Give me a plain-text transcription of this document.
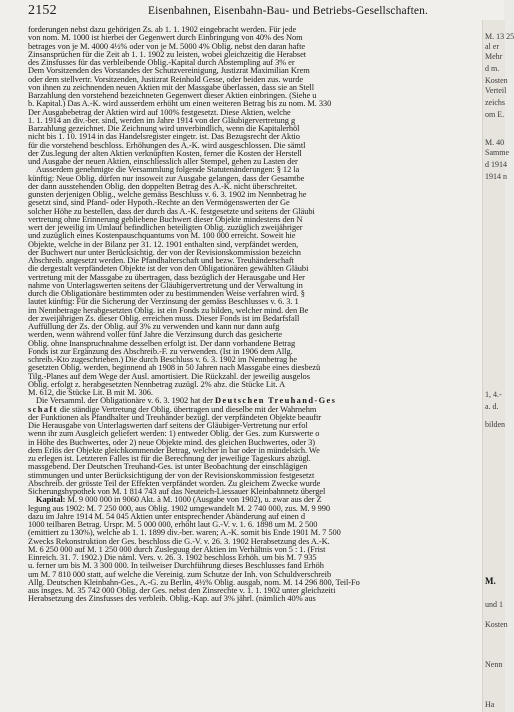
2152	Eisenbahnen, Eisenbahn-Bau- und Betriebs-Gesellschaften.
forderungen nebst dazu gehörigen Zs. ab 1. 1. 1902 eingebracht werden. Für jede
von nom. M. 1000 ist hierbei der Gegenwert durch Einbringung von 40% des Nom
betrages von je M. 4000 4½% oder von je M. 5000 4% Oblig. nebst den daran hafte
Zinsansprüchen für die Zeit ab 1. 1. 1902 zu leisten, wobei gleichzeitig die Herabset
des Zinsfusses für das verbleibende Oblig.-Kapital durch Abstempling auf 3% er
Dem Vorsitzenden des Vorstandes der Schutzvereinigung, Justizrat Maximilian Krem
oder dem stellvertr. Vorsitzenden, Justizrat Reinhold Gesse, oder beiden zus. wurde
von ihnen zu zeichnenden neuen Aktien mit der Massgabe überlassen, dass sie an Stell
Barzahlung den vorstehend bezeichneten Gegenwert dieser Aktien einbringen. (Siehe u
b. Kapital.) Das A.-K. wird ausserdem erhöht um einen weiteren Betrag bis zu nom. M. 330
Der Ausgabebetrag der Aktien wird auf 100% festgesetzt. Diese Aktien, welche
1. 1. 1914 an div.-ber. sind, werden im Jahre 1914 von der Gläubigervertretung g
Barzahlung gezeichnet. Die Zeichnung wird unverbindlich, wenn die Kapitalerhöl
nicht bis 1. 10. 1914 in das Handelsregister eingetr. ist. Das Bezugsrecht der Aktio
für die vorstehend beschloss. Erhöhungen des A.-K. wird ausgeschlossen. Die sämtl
der Zus.legung der alten Aktien verknüpften Kosten, ferner die Kosten der Herstell
und Ausgabe der neuen Aktien, einschliesslich aller Stempel, gehen zu Lasten der
Ausserdem genehmigte die Versammlung folgende Statutenänderungen: § 12 la
künftig: Neue Oblig. dürfen nur insoweit zur Ausgabe gelangen, dass der Gesamtbe
der dann ausstehenden Oblig. den doppelten Betrag des A.-K. nicht überschreitet.
gunsten derjenigen Oblig., welche gemäss Beschluss v. 6. 3. 1902 im Nennbetrag he
gesetzt sind, sind Pfand- oder Hypoth.-Rechte an den Vermögenswerten der Ge
solcher Höhe zu bestellen, dass der durch das A.-K. festgesetzte und seitens der Gläubi
vertretung ohne Erinnerung gebliebene Buchwert dieser Objekte mindestens den N
wert der jeweilig im Umlauf befindlichen beteiligten Oblig. zuzüglich zweijähriger
und zuzüglich eines Kostenpauschquantums von M. 100 000 erreicht. Soweit hie
Objekte, welche in der Bilanz per 31. 12. 1901 enthalten sind, verpfändet werden,
der Buchwert nur unter Berücksichtig. der von der Revisionskommission bezeichn
Abschreib. angesetzt werden. Die Pfandhalterschaft und bezw. Treuhänderschaft
die dergestalt verpfändeten Objekte ist der von den Obligationären gewählten Gläubi
vertretung mit der Massgabe zu übertragen, dass bezüglich der Herausgabe und Her
nahme von Unterlagswerten seitens der Gläubigervertretung und der Verwaltung in
durch die Obligationäre bestimmten oder zu bestimmenden Weise verfahren wird. §
lautet künftig: Für die Sicherung der Verzinsung der gemäss Beschlusses v. 6. 3. 1
im Nennbetrage herabgesetzten Oblig. ist ein Fonds zu bilden, welcher mind. den Be
der zweijährigen Zs. dieser Oblig. erreichen muss. Dieser Fonds ist im Bedarfsfall
Auffüllung der Zs. der Oblig. auf 3% zu verwenden und kann nur dann aufg
werden, wenn während voller fünf Jahre die Verzinsung durch das gesicherte
Oblig. ohne Inanspruchnahme desselben erfolgt ist. Der dann vorhandene Betrag
Fonds ist zur Ergänzung des Abschreib.-F. zu verwenden. (Ist in 1906 dem Allg.
schreib.-Kto zugeschrieben.) Die durch Beschluss v. 6. 3. 1902 im Nennbetrag he
gesetzten Oblig. werden, beginnend ab 1908 in 50 Jahren nach Massgabe eines diesbezü
Tilg.-Planes auf dem Wege der Ausl. amortisiert. Die Rückzahl. der jeweilig ausgelos
Oblig. erfolgt z. herabgesetzten Nennbetrag zuzügl. 2% abz. die Stücke Lit. A
M. 612, die Stücke Lit. B mit M. 306.
Die Versamml. der Obligationäre v. 6. 3. 1902 hat der Deutschen Treuhand-Ges
schaft die ständige Vertretung der Oblig. übertragen und dieselbe mit der Wahrnehm
der Funktionen als Pfandhalter und Treuhänder bezügl. der verpfändeten Objekte beauftr
Die Herausgabe von Unterlagswerten darf seitens der Gläubiger-Vertretung nur erfol
wenn ihr zum Ausgleich geliefert werden: 1) entweder Oblig. der Ges. zum Kurswerte o
in Höhe des Buchwertes, oder 2) neue Objekte mind. des gleichen Buchwertes, oder 3)
dem Erlös der Objekte gleichkommender Betrag, welcher in bar oder in mündelsich. We
zu erlegen ist. Letzteren Falles ist für die Berechnung der jeweilige Tageskurs abzügl.
massgebend. Der Deutschen Treuhand-Ges. ist unter Beobachtung der einschlägigen
stimmungen und unter Berücksichtigung der von der Revisionskommission festgesetzt
Abschreib. der grösste Teil der Effekten verpfändet worden. Zu gleichem Zwecke wurde
Sicherungshypothek von M. 1 814 743 auf das Neuteich-Liessauer Kleinbahnnetz übergel
Kapital: M. 9 000 000 in 9060 Akt. à M. 1000 (Ausgabe von 1902), u. zwar aus der Z
legung aus 1902: M. 7 250 000, aus Oblig. 1902 umgewandelt M. 2 740 000, zus. M. 9 990
dazu im Jahre 1914 M. 54 045 Aktien unter entsprechender Abänderung auf einen d
1000 teilbaren Betrag. Urspr. M. 5 000 000, erhöht laut G.-V. v. 1. 6. 1898 um M. 2 500
(emittiert zu 130%), welche ab 1. 1. 1899 div.-ber. waren; A.-K. somit bis Ende 1901 M. 7 500
Zwecks Rekonstruktion der Ges. beschloss die G.-V. v. 26. 3. 1902 Herabsetzung des A.-K.
M. 6 250 000 auf M. 1 250 000 durch Zusleguug der Aktien im Verhältnis von 5 : 1. (Frist
Einreich. 31. 7. 1902.) Die näml. Vers. v. 26. 3. 1902 beschloss Erhöh. um bis M. 7 935
u. ferner um bis M. 3 300 000. In teilweiser Durchführung dieses Beschlusses fand Erhöh
um M. 7 810 000 statt, auf welche die Vereinig. zum Schutze der Inh. von Schuldverschreib
Allg. Deutschen Kleinbahn-Ges., A.-G. zu Berlin, 4½% Oblig. ausgab, nom. M. 14 296 800, Teil-Fo
aus insges. M. 35 742 000 Oblig. der Ges. nebst den Zinsrechte v. 1. 1. 1902 unter gleichzeiti
Herabsetzung des Zinsfusses des verbleib. Oblig.-Kap. auf 3% jährl. (nämlich 40% aus
M. 13 25
al er
Mehr
d m.
Kosten
Verteil
zeichs
om E.
M. 40
Samme
d 1914
1914 n
1, 4.-
a. d.
bilden
M.
und 1
Kosten
Nenn
Ha
